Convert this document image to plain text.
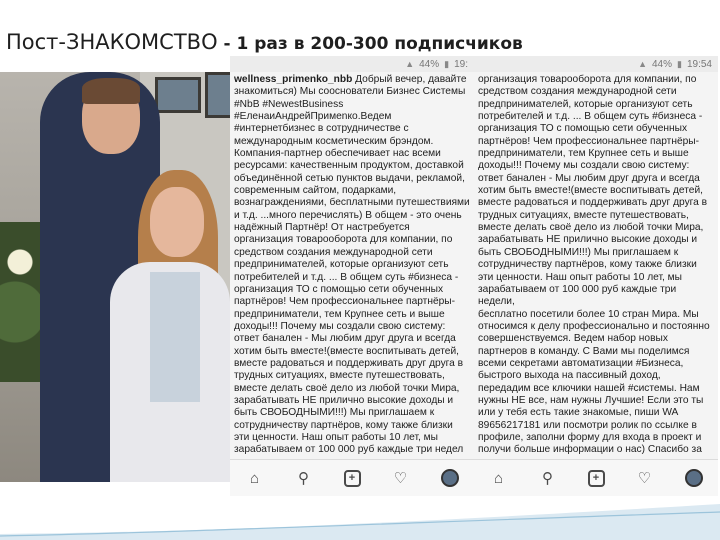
Пост-ЗНАКОМСТВО - 1 раз в 200-300 подписчиков
▲ 44% ▮ 19:
wellness_primenko_nbb Добрый вечер, давайте
знакомиться) Мы сооснователи Бизнес Системы
#NbB #NewestBusiness
#ЕленаиАндрейПримеnко.Ведем
#интернетбизнес в сотрудничестве с
международным косметическим брэндом.
Компания-партнер обеспечивает нас всеми
ресурсами: качественным продуктом, доставкой
объединённой сетью пунктов выдачи, рекламой,
современным сайтом, подарками,
вознаграждениями, бесплатными путешествиями
и т.д. ...много перечислять) В общем - это очень
надёжный Партнёр! От настребуется
организация товарооборота для компании, по
средством создания международной сети
предпринимателей, которые организуют сеть
потребителей и т.д. ... В общем суть #бизнеса -
организация ТО с помощью сети обученных
партнёров! Чем профессиональнее партнёры-
предприниматели, тем Крупнее сеть и выше
доходы!!! Почему мы создали свою систему:
ответ банален - Мы любим друг друга и всегда
хотим быть вместе!(вместе воспитывать детей,
вместе радоваться и поддерживать друг друга в
трудных ситуациях, вместе путешествовать,
вместе делать своё дело из любой точки Мира,
зарабатывать НЕ прилично высокие доходы и
быть СВОБОДНЫМИ!!!) Мы приглашаем к
сотрудничеству партнёров, кому также близки
эти ценности. Наш опыт работы 10 лет, мы
зарабатываем от 100 000 руб каждые три недел
⌂	⚲	+	♡
▲ 44% ▮ 19:54
организация товарооборота для компании, по
средством создания международной сети
предпринимателей, которые организуют сеть
потребителей и т.д. ... В общем суть #бизнеса -
организация ТО с помощью сети обученных
партнёров! Чем профессиональнее партнёры-
предприниматели, тем Крупнее сеть и выше
доходы!!! Почему мы создали свою систему:
ответ банален - Мы любим друг друга и всегда
хотим быть вместе!(вместе воспитывать детей,
вместе радоваться и поддерживать друг друга в
трудных ситуациях, вместе путешествовать,
вместе делать своё дело из любой точки Мира,
зарабатывать НЕ прилично высокие доходы и
быть СВОБОДНЫМИ!!!) Мы приглашаем к
сотрудничеству партнёров, кому также близки
эти ценности. Наш опыт работы 10 лет, мы
зарабатываем от 100 000 руб каждые три недели,
бесплатно посетили более 10 стран Мира. Мы
относимся к делу профессионально и постоянно
совершенствуемся. Ведем набор новых
партнеров в команду. С Вами мы поделимся
всеми секретами автоматизации #Бизнеса,
быстрого выхода на пассивный доход,
передадим все ключики нашей #системы. Нам
нужны НЕ все, нам нужны Лучшие! Если это ты
или у тебя есть такие знакомые, пиши WA
89656217181 или посмотри ролик по ссылке в
профиле, заполни форму для входа в проект и
получи больше информации о нас) Спасибо за

⌂	⚲	+	♡
